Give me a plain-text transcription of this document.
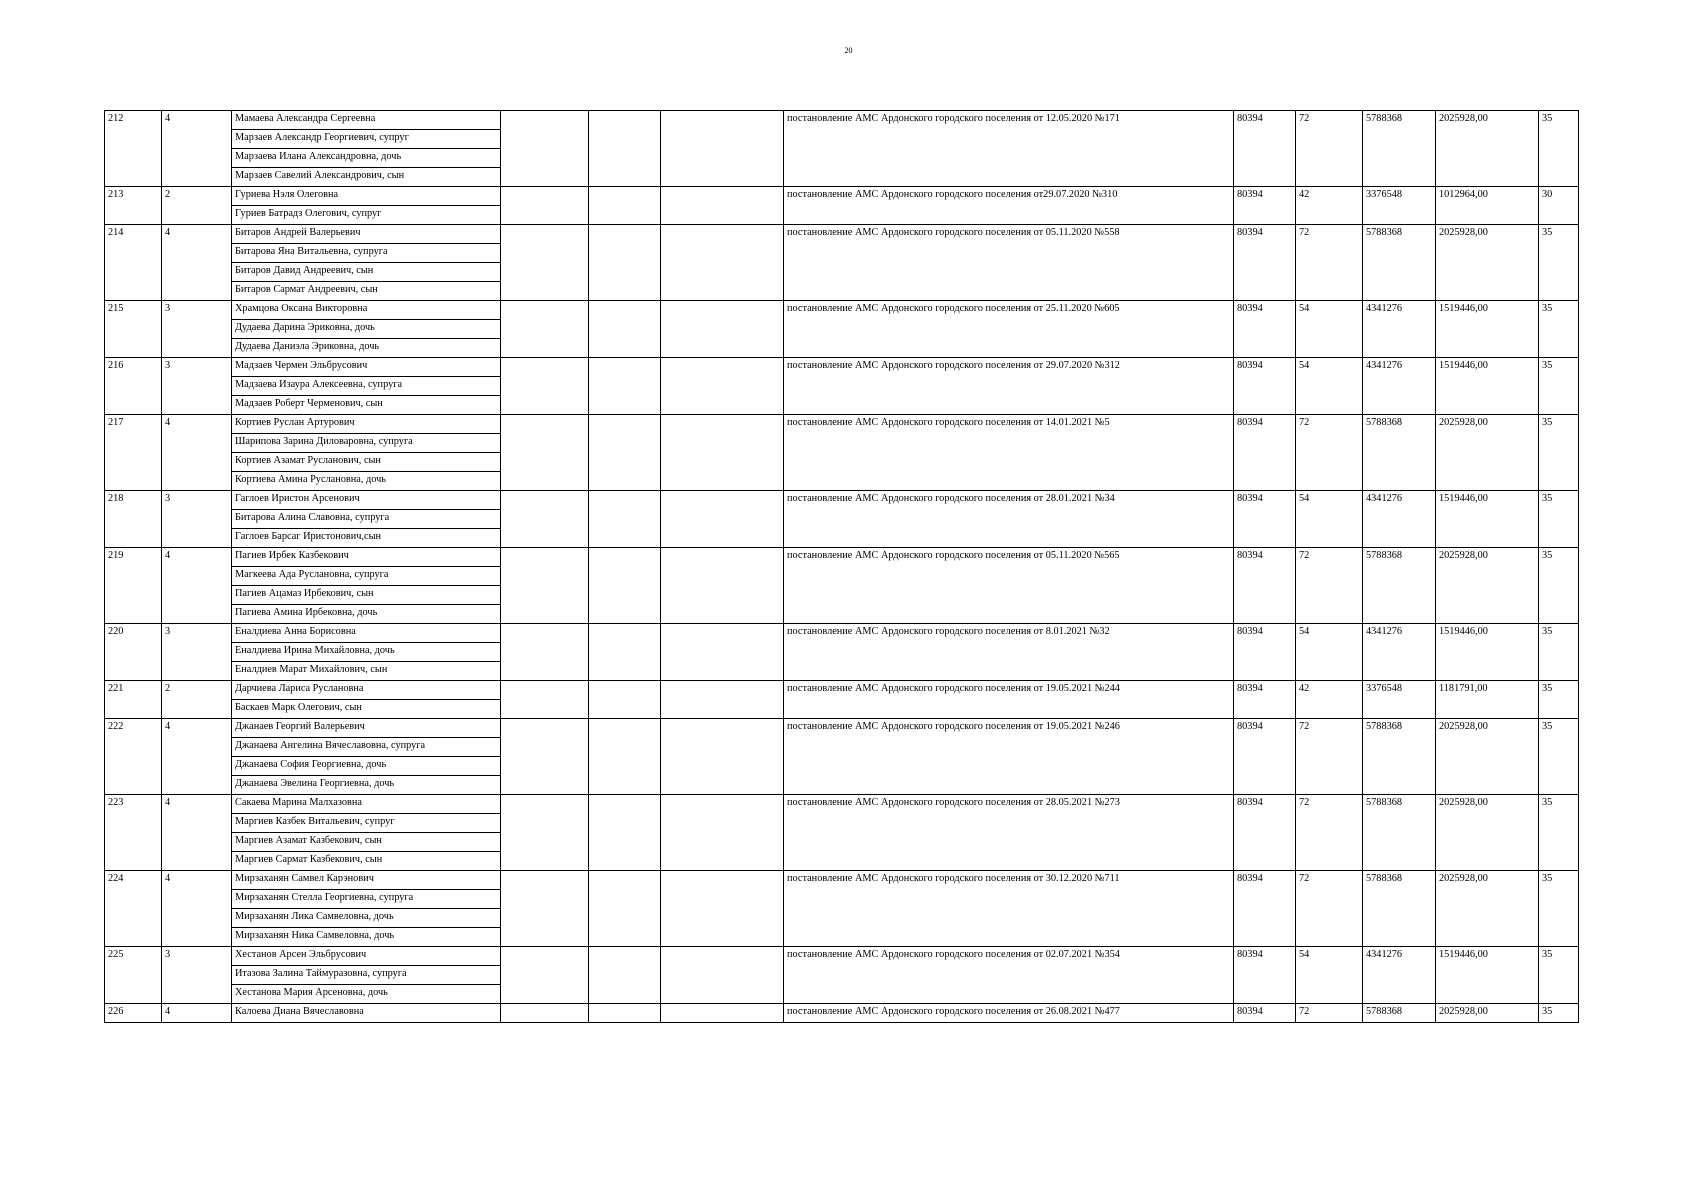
20
212	4	Мамаева Александра Сергеевна				постановление АМС Ардонского городского поселения от 12.05.2020 №171	80394	72	5788368	2025928,00	35
		Марзаев Александр Георгиевич, супруг									
		Марзаева Илана Александровна, дочь									
		Марзаев Савелий Александрович, сын									
213	2	Гуриева Нэля Олеговна				постановление АМС Ардонского городского поселения от29.07.2020 №310	80394	42	3376548	1012964,00	30
		Гуриев Батрадз Олегович, супруг									
214	4	Битаров Андрей Валерьевич				постановление АМС Ардонского городского поселения от 05.11.2020 №558	80394	72	5788368	2025928,00	35
		Битарова Яна Витальевна, супруга									
		Битаров Давид Андреевич, сын									
		Битаров Сармат Андреевич, сын									
215	3	Храмцова Оксана Викторовна				постановление АМС Ардонского городского поселения от 25.11.2020 №605	80394	54	4341276	1519446,00	35
		Дудаева Дарина Эриковна, дочь									
		Дудаева Даниэла Эриковна, дочь									
216	3	Мадзаев Чермен Эльбрусович				постановление АМС Ардонского городского поселения от 29.07.2020 №312	80394	54	4341276	1519446,00	35
		Мадзаева Изаура Алексеевна, супруга									
		Мадзаев Роберт Черменович, сын									
217	4	Кортиев Руслан Артурович				постановление АМС Ардонского городского поселения от 14.01.2021 №5	80394	72	5788368	2025928,00	35
		Шарипова Зарина Диловаровна, супруга									
		Кортиев Азамат Русланович, сын									
		Кортиева Амина Руслановна, дочь									
218	3	Гаглоев Иристон Арсенович				постановление АМС Ардонского городского поселения от 28.01.2021 №34	80394	54	4341276	1519446,00	35
		Битарова Алина Славовна, супруга									
		Гаглоев Барсаг Иристонович,сын									
219	4	Пагиев Ирбек Казбекович				постановление АМС Ардонского городского поселения от 05.11.2020 №565	80394	72	5788368	2025928,00	35
		Магкеева Ада Руслановна, супруга									
		Пагиев Ацамаз Ирбекович, сын									
		Пагиева Амина Ирбековна, дочь									
220	3	Еналдиева Анна Борисовна				постановление АМС Ардонского городского поселения от 8.01.2021 №32	80394	54	4341276	1519446,00	35
		Еналдиева Ирина Михайловна, дочь									
		Еналдиев Марат Михайлович, сын									
221	2	Дарчиева Лариса Руслановна				постановление АМС Ардонского городского поселения от 19.05.2021 №244	80394	42	3376548	1181791,00	35
		Баскаев Марк Олегович, сын									
222	4	Джанаев Георгий Валерьевич				постановление АМС Ардонского городского поселения от 19.05.2021 №246	80394	72	5788368	2025928,00	35
		Джанаева Ангелина Вячеславовна, супруга									
		Джанаева София Георгиевна, дочь									
		Джанаева Эвелина Георгиевна, дочь									
223	4	Сакаева Марина Малхазовна				постановление АМС Ардонского городского поселения от 28.05.2021 №273	80394	72	5788368	2025928,00	35
		Маргиев Казбек Витальевич, супруг									
		Маргиев Азамат Казбекович, сын									
		Маргиев Сармат Казбекович, сын									
224	4	Мирзаханян Самвел Карэнович				постановление АМС Ардонского городского поселения от 30.12.2020 №711	80394	72	5788368	2025928,00	35
		Мирзаханян Стелла Георгиевна, супруга									
		Мирзаханян Лика Самвеловна, дочь									
		Мирзаханян Ника Самвеловна, дочь									
225	3	Хестанов Арсен Эльбрусович				постановление АМС Ардонского городского поселения от 02.07.2021 №354	80394	54	4341276	1519446,00	35
		Итазова Залина Таймуразовна, супруга									
		Хестанова Мария Арсеновна, дочь									
226	4	Калоева Диана Вячеславовна				постановление АМС Ардонского городского поселения от 26.08.2021 №477	80394	72	5788368	2025928,00	35
